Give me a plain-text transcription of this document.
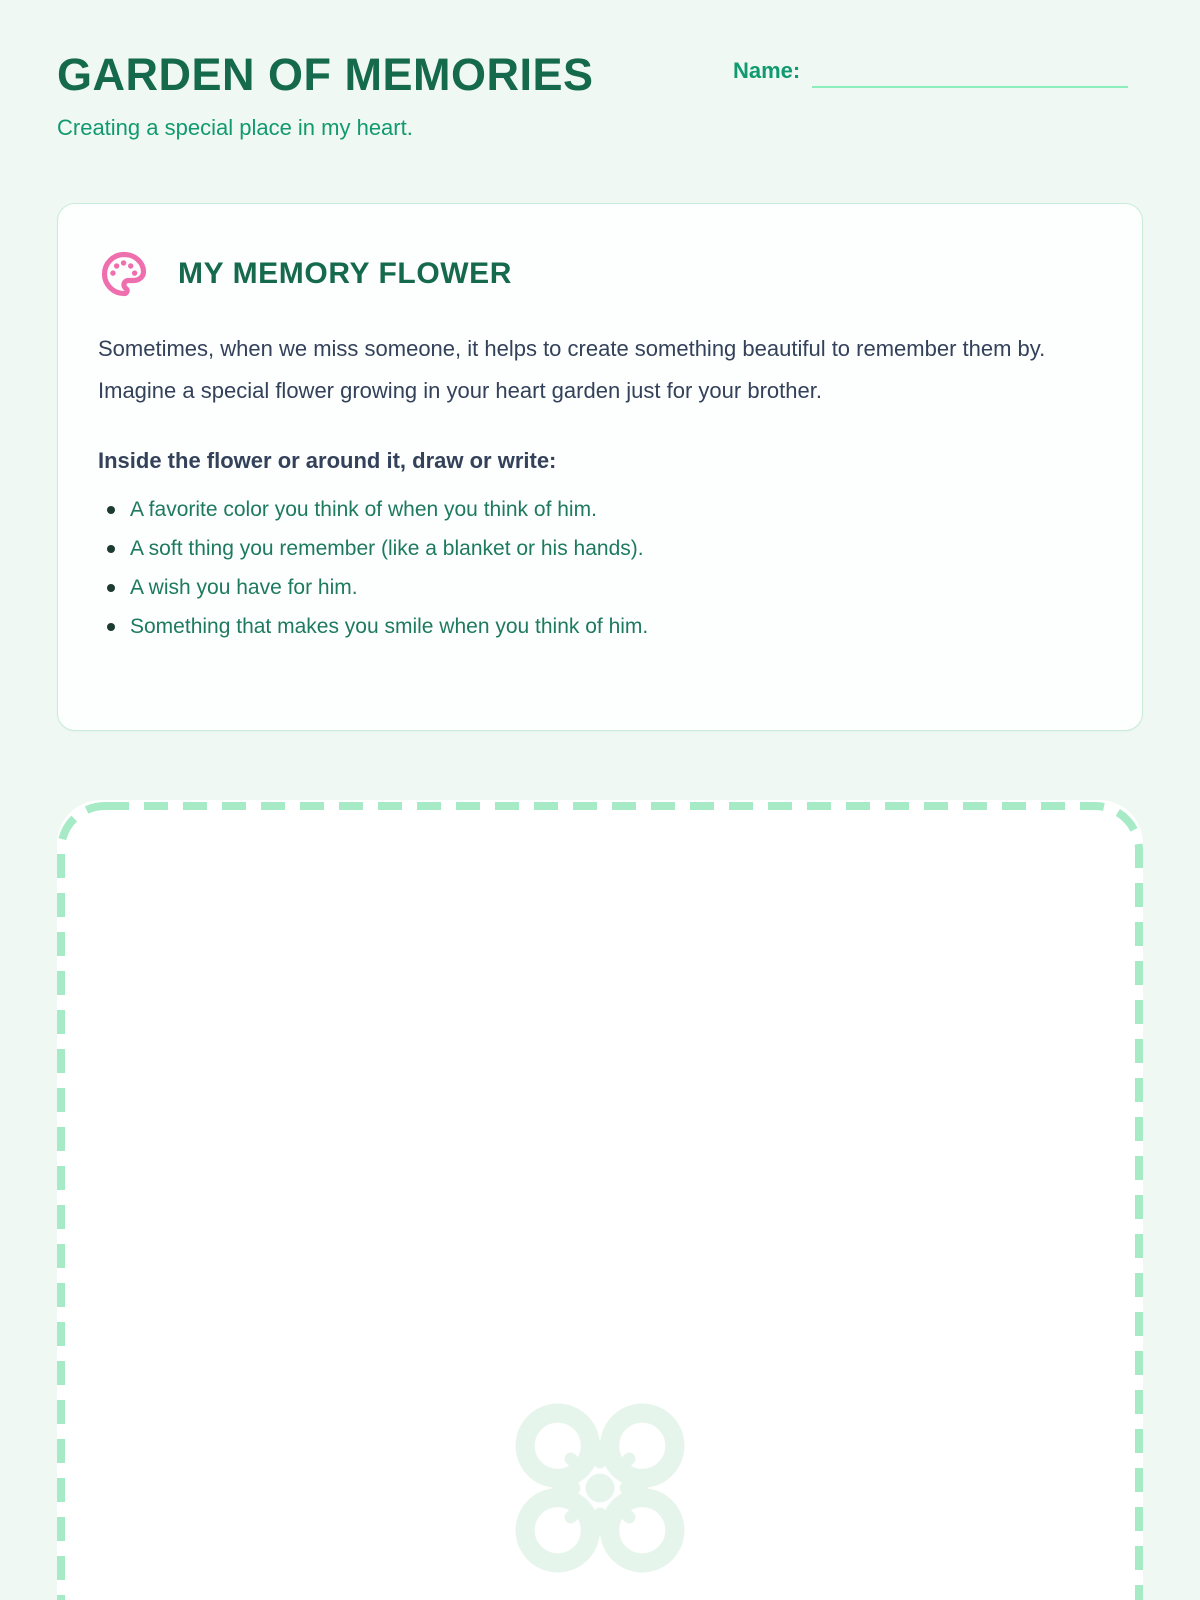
GARDEN OF MEMORIES

Creating a special place in my heart.

Name:
MY MEMORY FLOWER

Sometimes, when we miss someone, it helps to create something beautiful to remember them by. Imagine a special flower growing in your heart garden just for your brother.

Inside the flower or around it, draw or write:

A favorite color you think of when you think of him.
A soft thing you remember (like a blanket or his hands).
A wish you have for him.
Something that makes you smile when you think of him.
